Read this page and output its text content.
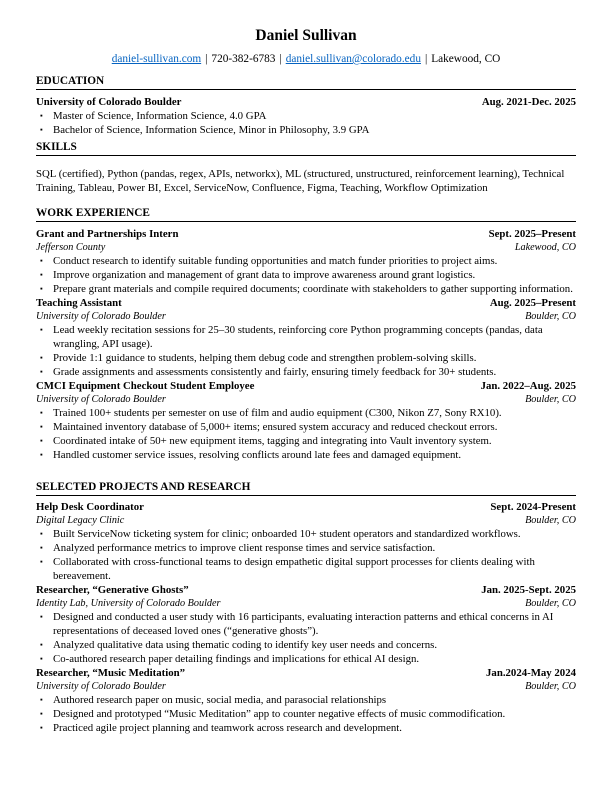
Daniel Sullivan
daniel-sullivan.com | 720-382-6783 | daniel.sullivan@colorado.edu | Lakewood, CO
EDUCATION
University of Colorado Boulder	Aug. 2021-Dec. 2025
▪ Master of Science, Information Science, 4.0 GPA
▪ Bachelor of Science, Information Science, Minor in Philosophy, 3.9 GPA
SKILLS
SQL (certified), Python (pandas, regex, APIs, networkx), ML (structured, unstructured, reinforcement learning), Technical Training, Tableau, Power BI, Excel, ServiceNow, Confluence, Figma, Teaching, Workflow Optimization
WORK EXPERIENCE
Grant and Partnerships Intern	Sept. 2025–Present
Jefferson County	Lakewood, CO
▪ Conduct research to identify suitable funding opportunities and match funder priorities to project aims.
▪ Improve organization and management of grant data to improve awareness around grant logistics.
▪ Prepare grant materials and compile required documents; coordinate with stakeholders to gather supporting information.
Teaching Assistant	Aug. 2025–Present
University of Colorado Boulder	Boulder, CO
▪ Lead weekly recitation sessions for 25–30 students, reinforcing core Python programming concepts (pandas, data wrangling, API usage).
▪ Provide 1:1 guidance to students, helping them debug code and strengthen problem-solving skills.
▪ Grade assignments and assessments consistently and fairly, ensuring timely feedback for 30+ students.
CMCI Equipment Checkout Student Employee	Jan. 2022–Aug. 2025
University of Colorado Boulder	Boulder, CO
▪ Trained 100+ students per semester on use of film and audio equipment (C300, Nikon Z7, Sony RX10).
▪ Maintained inventory database of 5,000+ items; ensured system accuracy and reduced checkout errors.
▪ Coordinated intake of 50+ new equipment items, tagging and integrating into Vault inventory system.
▪ Handled customer service issues, resolving conflicts around late fees and damaged equipment.
SELECTED PROJECTS AND RESEARCH
Help Desk Coordinator	Sept. 2024-Present
Digital Legacy Clinic	Boulder, CO
▪ Built ServiceNow ticketing system for clinic; onboarded 10+ student operators and standardized workflows.
▪ Analyzed performance metrics to improve client response times and service satisfaction.
▪ Collaborated with cross-functional teams to design empathetic digital support processes for clients dealing with bereavement.
Researcher, “Generative Ghosts”	Jan. 2025-Sept. 2025
Identity Lab, University of Colorado Boulder	Boulder, CO
▪ Designed and conducted a user study with 16 participants, evaluating interaction patterns and ethical concerns in AI representations of deceased loved ones (“generative ghosts”).
▪ Analyzed qualitative data using thematic coding to identify key user needs and concerns.
▪ Co-authored research paper detailing findings and implications for ethical AI design.
Researcher, “Music Meditation”	Jan.2024-May 2024
University of Colorado Boulder	Boulder, CO
▪ Authored research paper on music, social media, and parasocial relationships
▪ Designed and prototyped “Music Meditation” app to counter negative effects of music commodification.
▪ Practiced agile project planning and teamwork across research and development.
